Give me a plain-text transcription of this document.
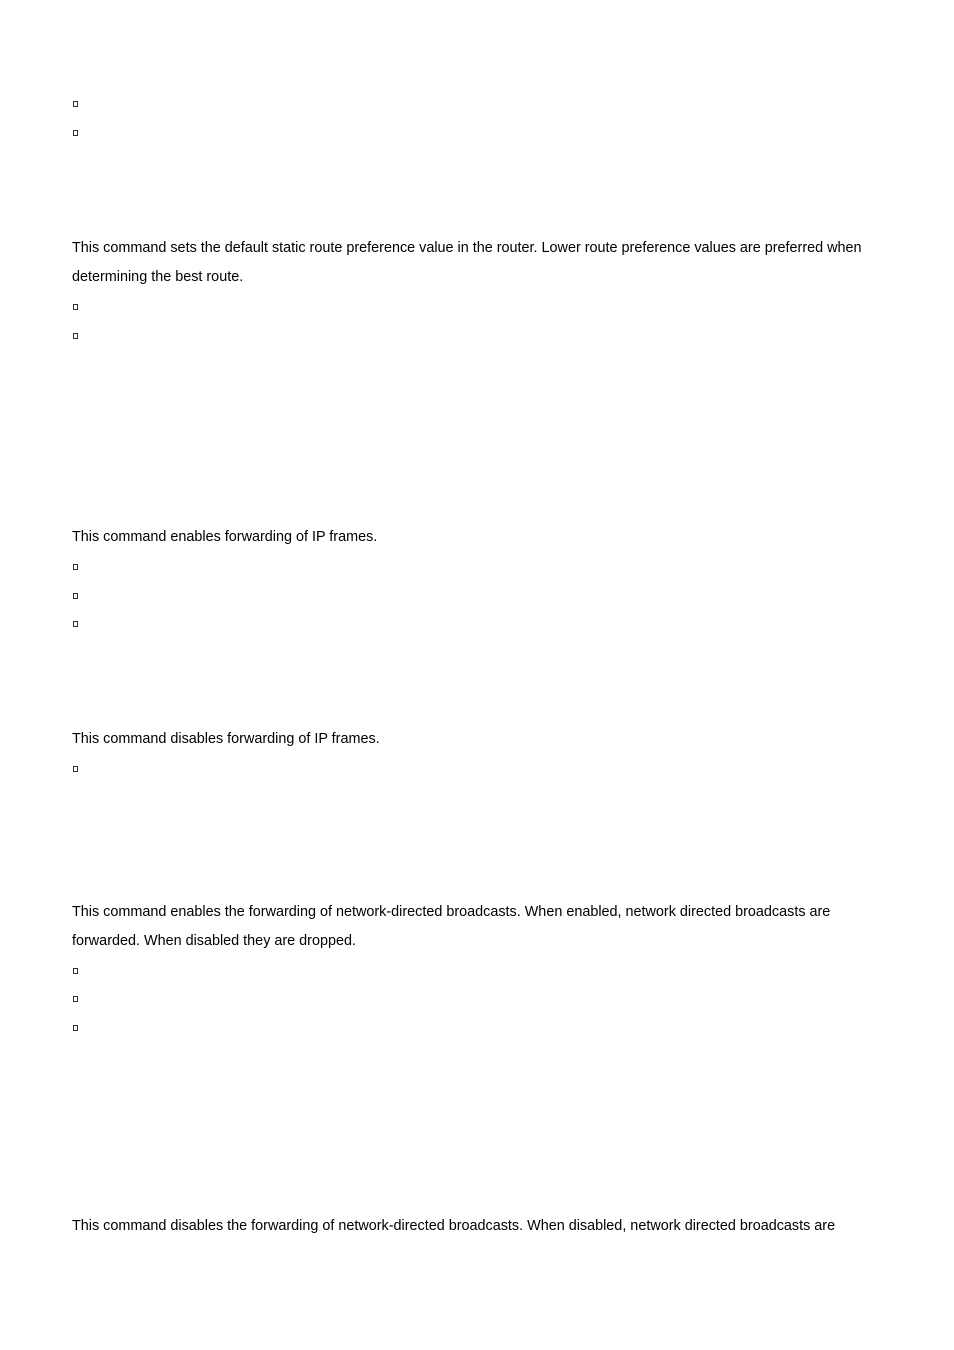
This command sets the default static route preference value in the router. Lower route preference values are preferred when determining the best route.

This command enables forwarding of IP frames.

This command disables forwarding of IP frames.

This command enables the forwarding of network-directed broadcasts. When enabled, network directed broadcasts are forwarded. When disabled they are dropped.

This command disables the forwarding of network-directed broadcasts. When disabled, network directed broadcasts are
